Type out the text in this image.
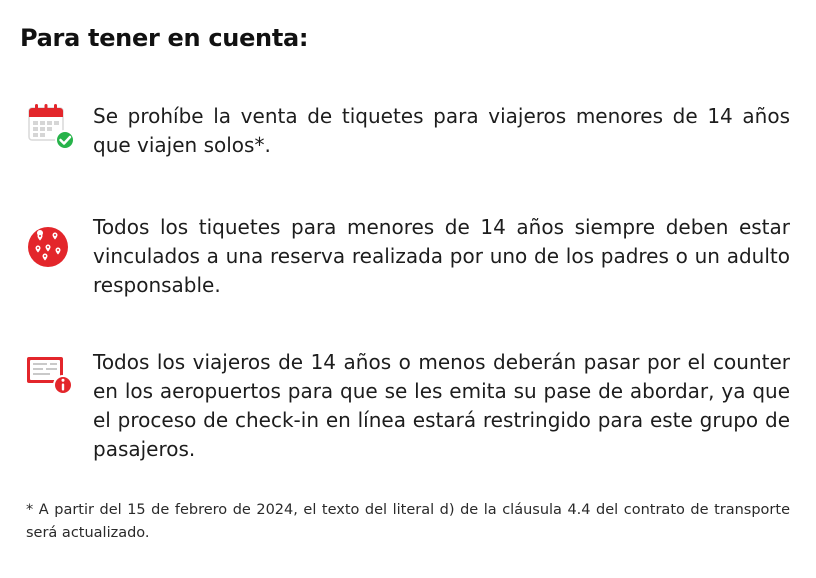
Para tener en cuenta:

Se prohíbe la venta de tiquetes para viajeros menores de 14 años que viajen solos*.

Todos los tiquetes para menores de 14 años siempre deben estar vinculados a una reserva realizada por uno de los padres o un adulto responsable.

Todos los viajeros de 14 años o menos deberán pasar por el counter en los aeropuertos para que se les emita su pase de abordar, ya que el proceso de check-in en línea estará restringido para este grupo de pasajeros.

* A partir del 15 de febrero de 2024, el texto del literal d) de la cláusula 4.4 del contrato de transporte será actualizado.
